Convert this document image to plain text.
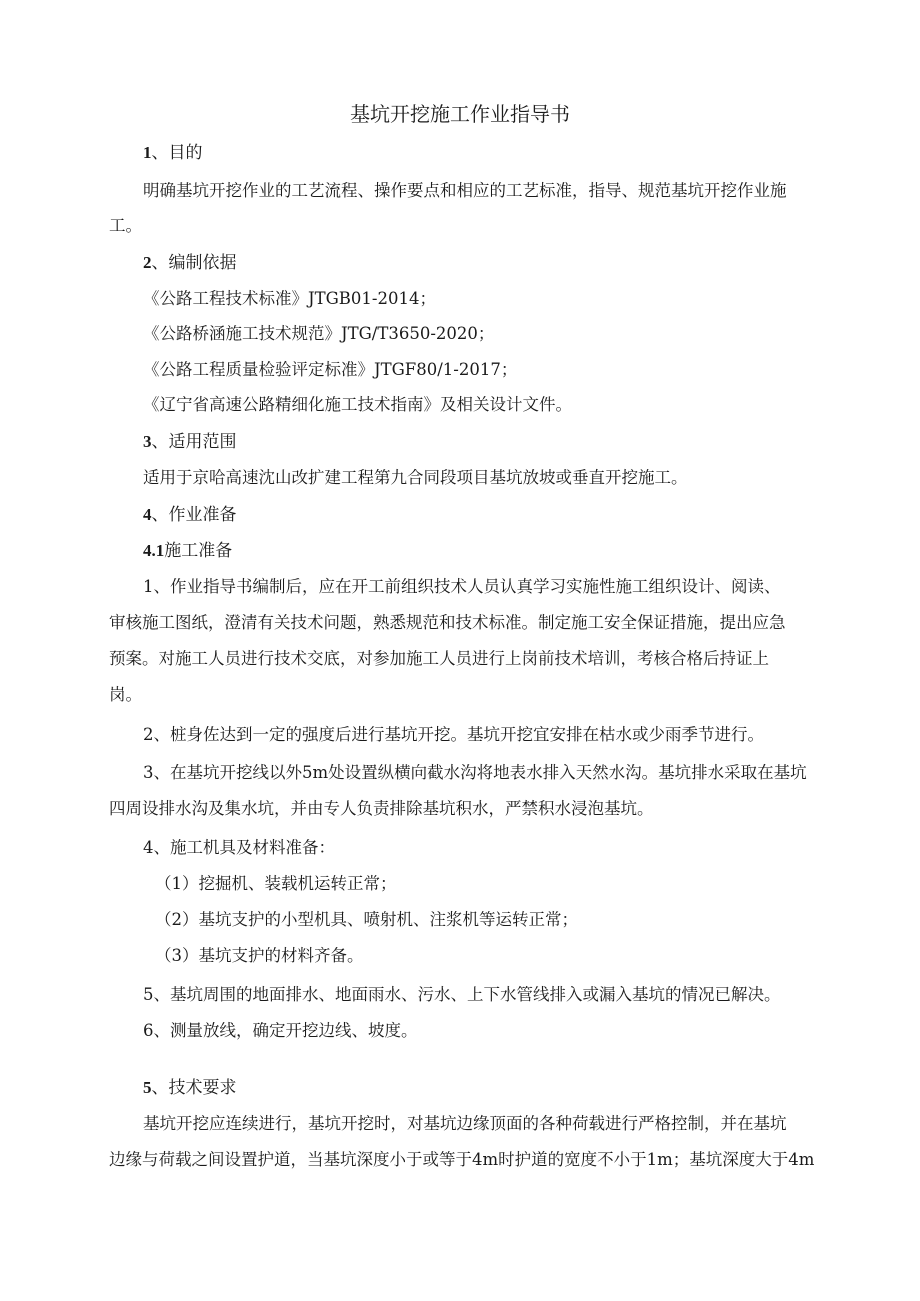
基坑开挖施工作业指导书
1、目的
明确基坑开挖作业的工艺流程、操作要点和相应的工艺标准，指导、规范基坑开挖作业施
工。
2、编制依据
《公路工程技术标准》JTGB01-2014；
《公路桥涵施工技术规范》JTG/T3650-2020；
《公路工程质量检验评定标准》JTGF80/1-2017；
《辽宁省高速公路精细化施工技术指南》及相关设计文件。
3、适用范围
适用于京哈高速沈山改扩建工程第九合同段项目基坑放坡或垂直开挖施工。
4、作业准备
4.1施工准备
1、作业指导书编制后，应在开工前组织技术人员认真学习实施性施工组织设计、阅读、
审核施工图纸，澄清有关技术问题，熟悉规范和技术标准。制定施工安全保证措施，提出应急
预案。对施工人员进行技术交底，对参加施工人员进行上岗前技术培训，考核合格后持证上
岗。
2、桩身佐达到一定的强度后进行基坑开挖。基坑开挖宜安排在枯水或少雨季节进行。
3、在基坑开挖线以外5m处设置纵横向截水沟将地表水排入天然水沟。基坑排水采取在基坑
四周设排水沟及集水坑，并由专人负责排除基坑积水，严禁积水浸泡基坑。
4、施工机具及材料准备：
（1）挖掘机、装载机运转正常；
（2）基坑支护的小型机具、喷射机、注浆机等运转正常；
（3）基坑支护的材料齐备。
5、基坑周围的地面排水、地面雨水、污水、上下水管线排入或漏入基坑的情况已解决。
6、测量放线，确定开挖边线、坡度。
5、技术要求
基坑开挖应连续进行，基坑开挖时，对基坑边缘顶面的各种荷载进行严格控制，并在基坑
边缘与荷载之间设置护道，当基坑深度小于或等于4m时护道的宽度不小于1m；基坑深度大于4m
